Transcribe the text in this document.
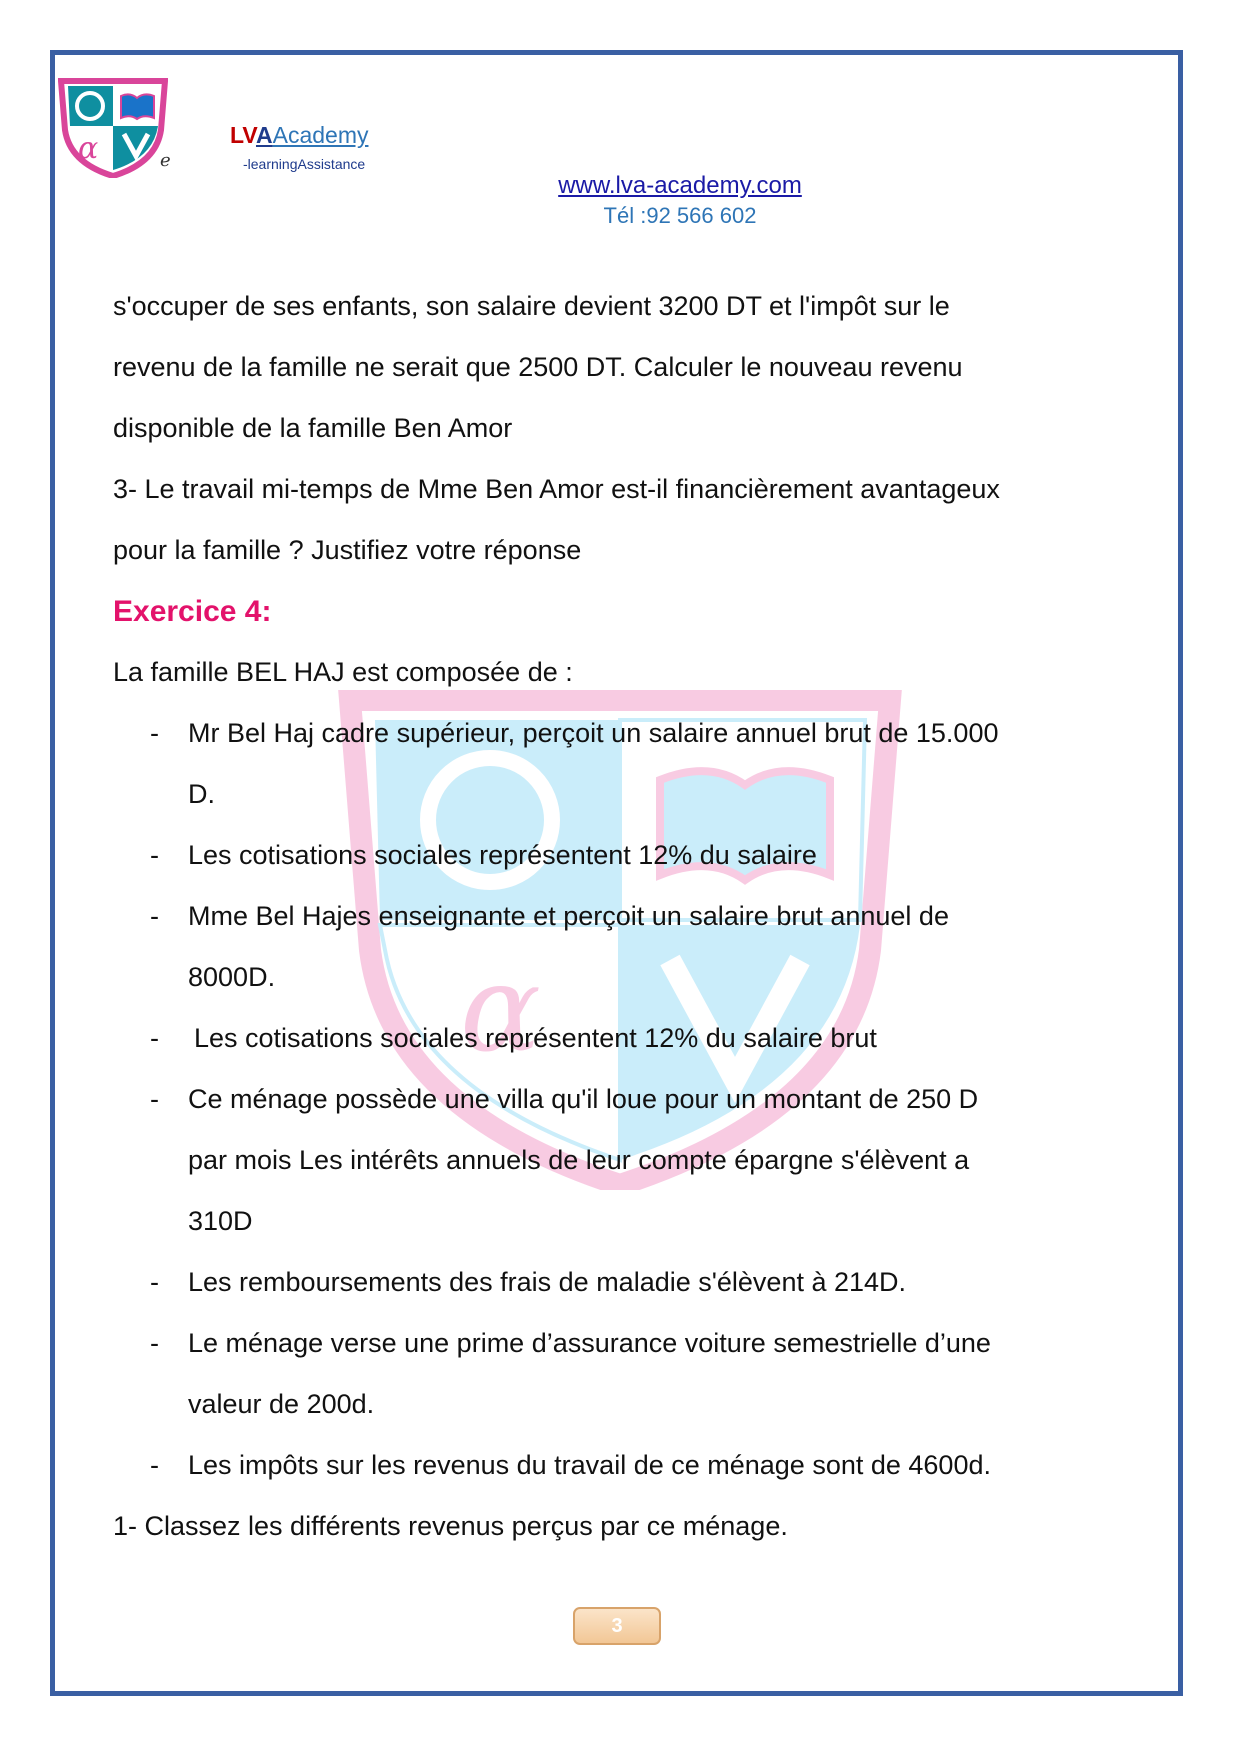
α
α	e
LVAAcademy
-learningAssistance
www.lva-academy.com
Tél :92 566 602

s'occuper de ses enfants, son salaire devient 3200 DT et l'impôt sur le

revenu de la famille ne serait que 2500 DT. Calculer le nouveau revenu

disponible de la famille Ben Amor

3- Le travail mi-temps de Mme Ben Amor est-il financièrement avantageux

pour la famille ? Justifiez votre réponse

Exercice 4:

La famille BEL HAJ est composée de :

- Mr Bel Haj cadre supérieur, perçoit un salaire annuel brut de 15.000
D.
- Les cotisations sociales représentent 12% du salaire
- Mme Bel Hajes enseignante et perçoit un salaire brut annuel de
8000D.
- Les cotisations sociales représentent 12% du salaire brut
- Ce ménage possède une villa qu'il loue pour un montant de 250 D
par mois Les intérêts annuels de leur compte épargne s'élèvent a
310D
- Les remboursements des frais de maladie s'élèvent à 214D.
- Le ménage verse une prime d’assurance voiture semestrielle d’une
valeur de 200d.
- Les impôts sur les revenus du travail de ce ménage sont de 4600d.

1- Classez les différents revenus perçus par ce ménage.

3
